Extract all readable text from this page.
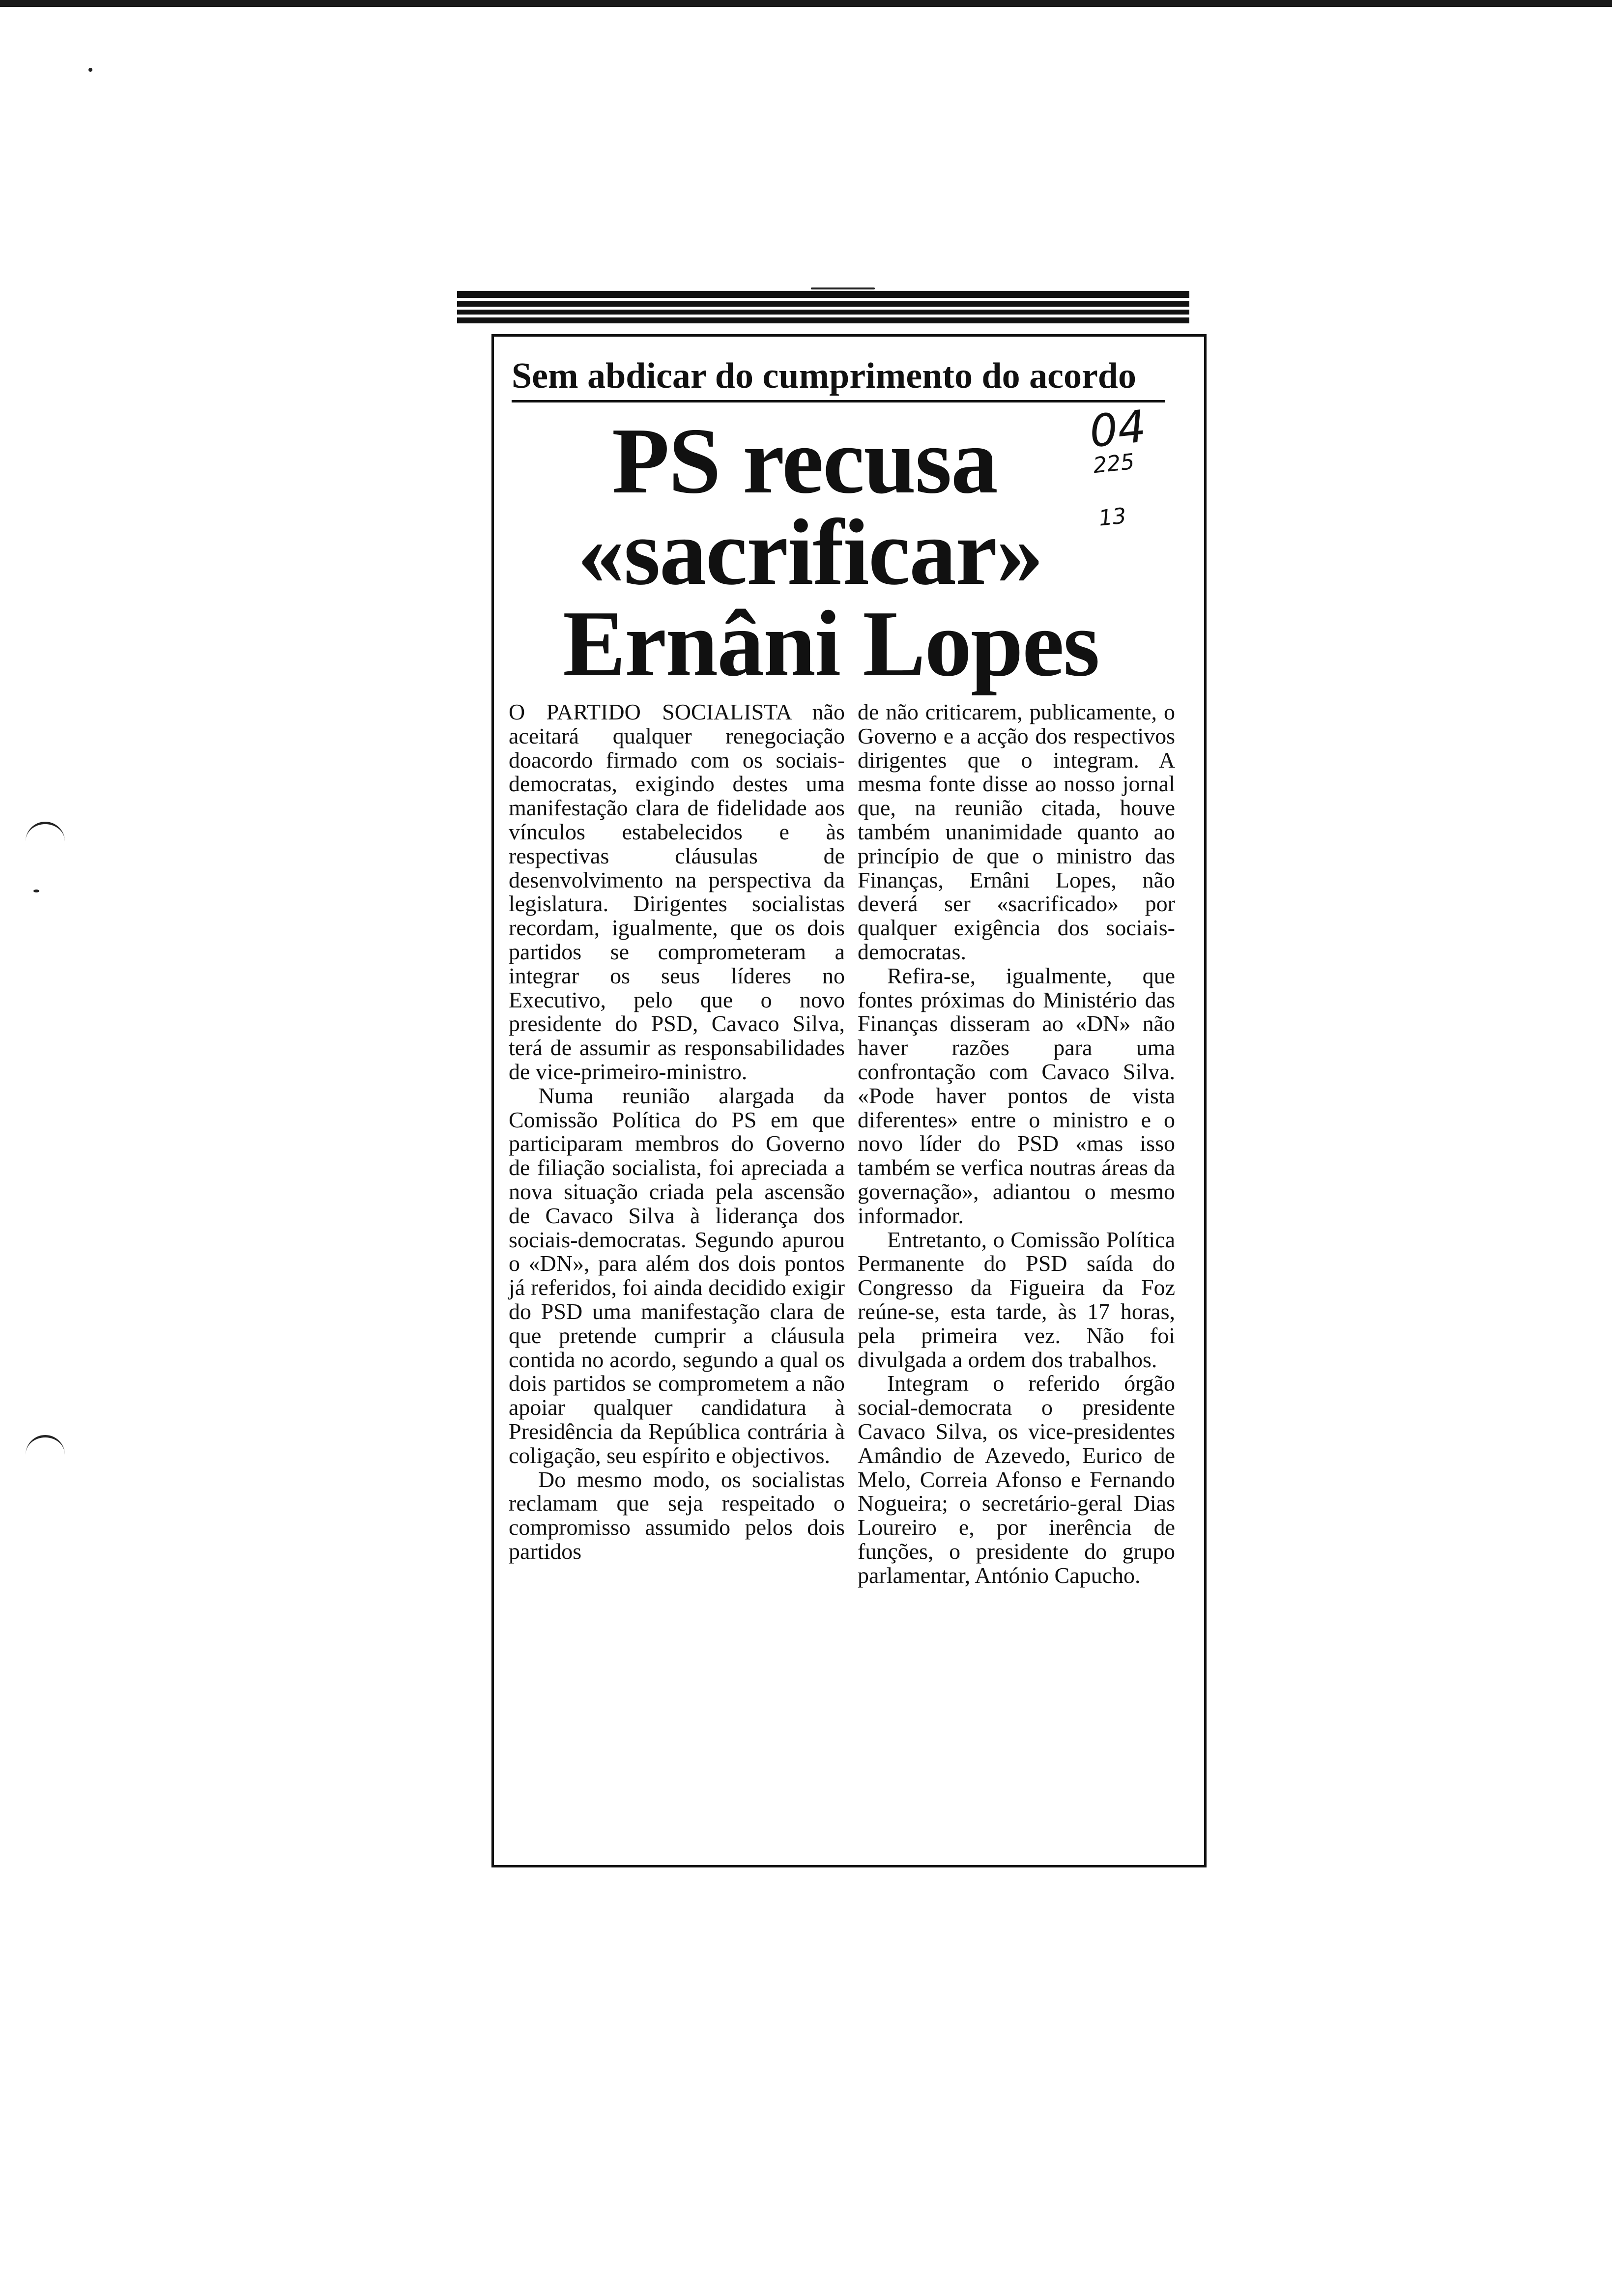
Sem abdicar do cumprimento do acordo
PS recusa
«sacrificar»
Ernâni Lopes
04
225
13

O PARTIDO SOCIALISTA não aceitará qualquer renegociação doacordo firmado com os sociais-democratas, exigindo destes uma manifestação clara de fidelidade aos vínculos estabelecidos e às respectivas cláusulas de desenvolvimento na perspectiva da legislatura. Dirigentes socialistas recordam, igualmente, que os dois partidos se comprometeram a integrar os seus líderes no Executivo, pelo que o novo presidente do PSD, Cavaco Silva, terá de assumir as responsabilidades de vice-primeiro-ministro.

Numa reunião alargada da Comissão Política do PS em que participaram membros do Governo de filiação socialista, foi apreciada a nova situação criada pela ascensão de Cavaco Silva à liderança dos sociais-democratas. Segundo apurou o «DN», para além dos dois pontos já referidos, foi ainda decidido exigir do PSD uma manifestação clara de que pretende cumprir a cláusula contida no acordo, segundo a qual os dois partidos se comprometem a não apoiar qualquer candidatura à Presidência da República contrária à coligação, seu espírito e objectivos.

Do mesmo modo, os socialistas reclamam que seja respeitado o compromisso assumido pelos dois partidos

de não criticarem, publicamente, o Governo e a acção dos respectivos dirigentes que o integram. A mesma fonte disse ao nosso jornal que, na reunião citada, houve também unanimidade quanto ao princípio de que o ministro das Finanças, Ernâni Lopes, não deverá ser «sacrificado» por qualquer exigência dos sociais-democratas.

Refira-se, igualmente, que fontes próximas do Ministério das Finanças disseram ao «DN» não haver razões para uma confrontação com Cavaco Silva. «Pode haver pontos de vista diferentes» entre o ministro e o novo líder do PSD «mas isso também se verfica noutras áreas da governação», adiantou o mesmo informador.

Entretanto, o Comissão Política Permanente do PSD saída do Congresso da Figueira da Foz reúne-se, esta tarde, às 17 horas, pela primeira vez. Não foi divulgada a ordem dos trabalhos.

Integram o referido órgão social-democrata o presidente Cavaco Silva, os vice-presidentes Amândio de Azevedo, Eurico de Melo, Correia Afonso e Fernando Nogueira; o secretário-geral Dias Loureiro e, por inerência de funções, o presidente do grupo parlamentar, António Capucho.
